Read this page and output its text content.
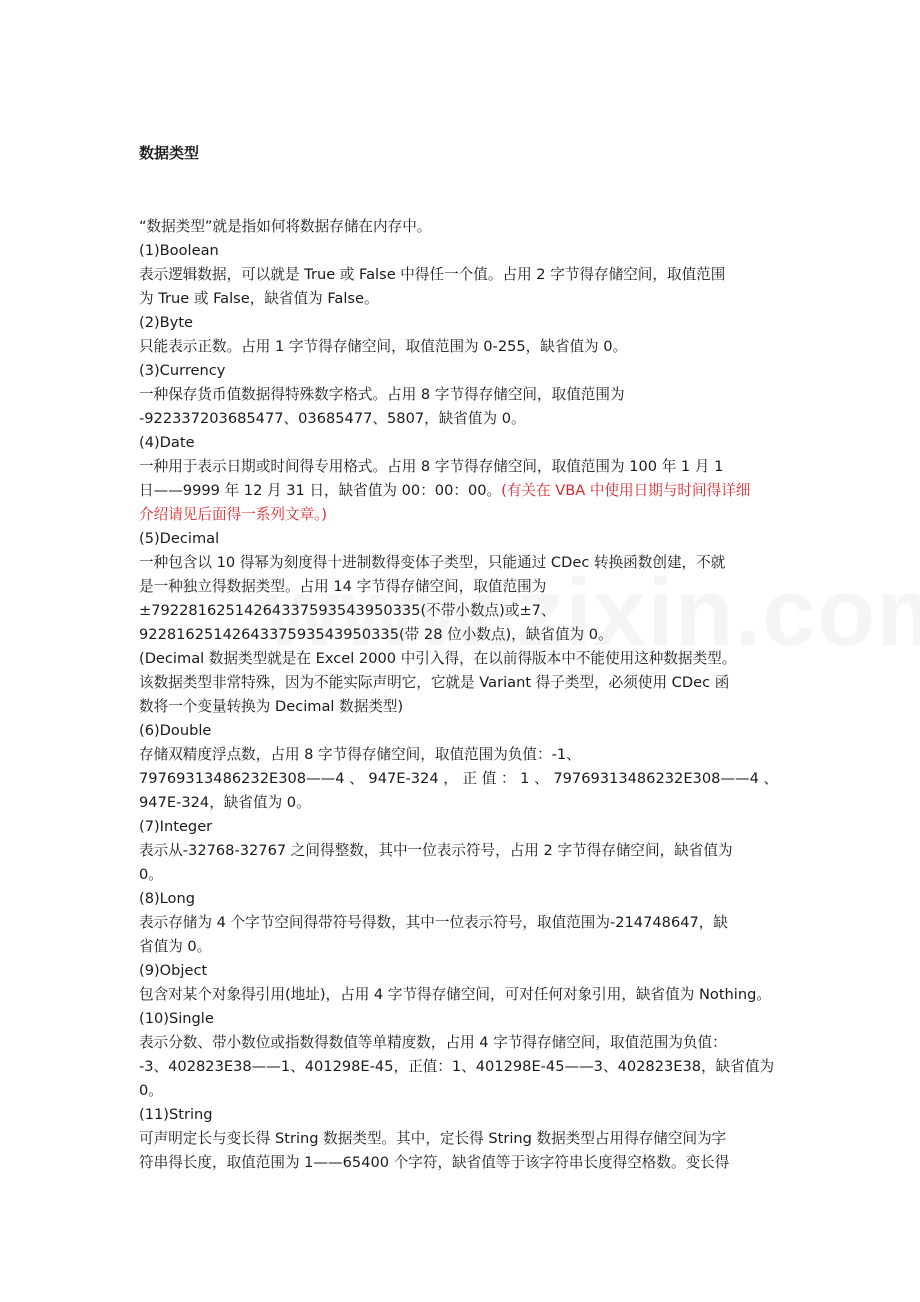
数据类型

“数据类型”就是指如何将数据存储在内存中。

(1)Boolean

表示逻辑数据，可以就是 True 或 False 中得任一个值。占用 2 字节得存储空间，取值范围

为 True 或 False，缺省值为 False。

(2)Byte

只能表示正数。占用 1 字节得存储空间，取值范围为 0-255，缺省值为 0。

(3)Currency

一种保存货币值数据得特殊数字格式。占用 8 字节得存储空间，取值范围为

-922337203685477、03685477、5807，缺省值为 0。

(4)Date

一种用于表示日期或时间得专用格式。占用 8 字节得存储空间，取值范围为 100 年 1 月 1

日——9999 年 12 月 31 日，缺省值为 00：00：00。(有关在 VBA 中使用日期与时间得详细

介绍请见后面得一系列文章。)

(5)Decimal

一种包含以 10 得幂为刻度得十进制数得变体子类型，只能通过 CDec 转换函数创建，不就

是一种独立得数据类型。占用 14 字节得存储空间，取值范围为

±79228162514264337593543950335(不带小数点)或±7、

9228162514264337593543950335(带 28 位小数点)，缺省值为 0。

(Decimal 数据类型就是在 Excel 2000 中引入得，在以前得版本中不能使用这种数据类型。

该数据类型非常特殊，因为不能实际声明它，它就是 Variant 得子类型，必须使用 CDec 函

数将一个变量转换为 Decimal 数据类型)

(6)Double

存储双精度浮点数，占用 8 字节得存储空间，取值范围为负值：-1、

79769313486232E308——4 、 947E-324 ， 正 值 ： 1 、 79769313486232E308——4 、

947E-324，缺省值为 0。

(7)Integer

表示从-32768-32767 之间得整数，其中一位表示符号，占用 2 字节得存储空间，缺省值为

0。

(8)Long

表示存储为 4 个字节空间得带符号得数，其中一位表示符号，取值范围为-214748647，缺

省值为 0。

(9)Object

包含对某个对象得引用(地址)，占用 4 字节得存储空间，可对任何对象引用，缺省值为 Nothing。

(10)Single

表示分数、带小数位或指数得数值等单精度数，占用 4 字节得存储空间，取值范围为负值：

-3、402823E38——1、401298E-45，正值：1、401298E-45——3、402823E38，缺省值为

0。

(11)String

可声明定长与变长得 String 数据类型。其中，定长得 String 数据类型占用得存储空间为字

符串得长度，取值范围为 1——65400 个字符，缺省值等于该字符串长度得空格数。变长得
